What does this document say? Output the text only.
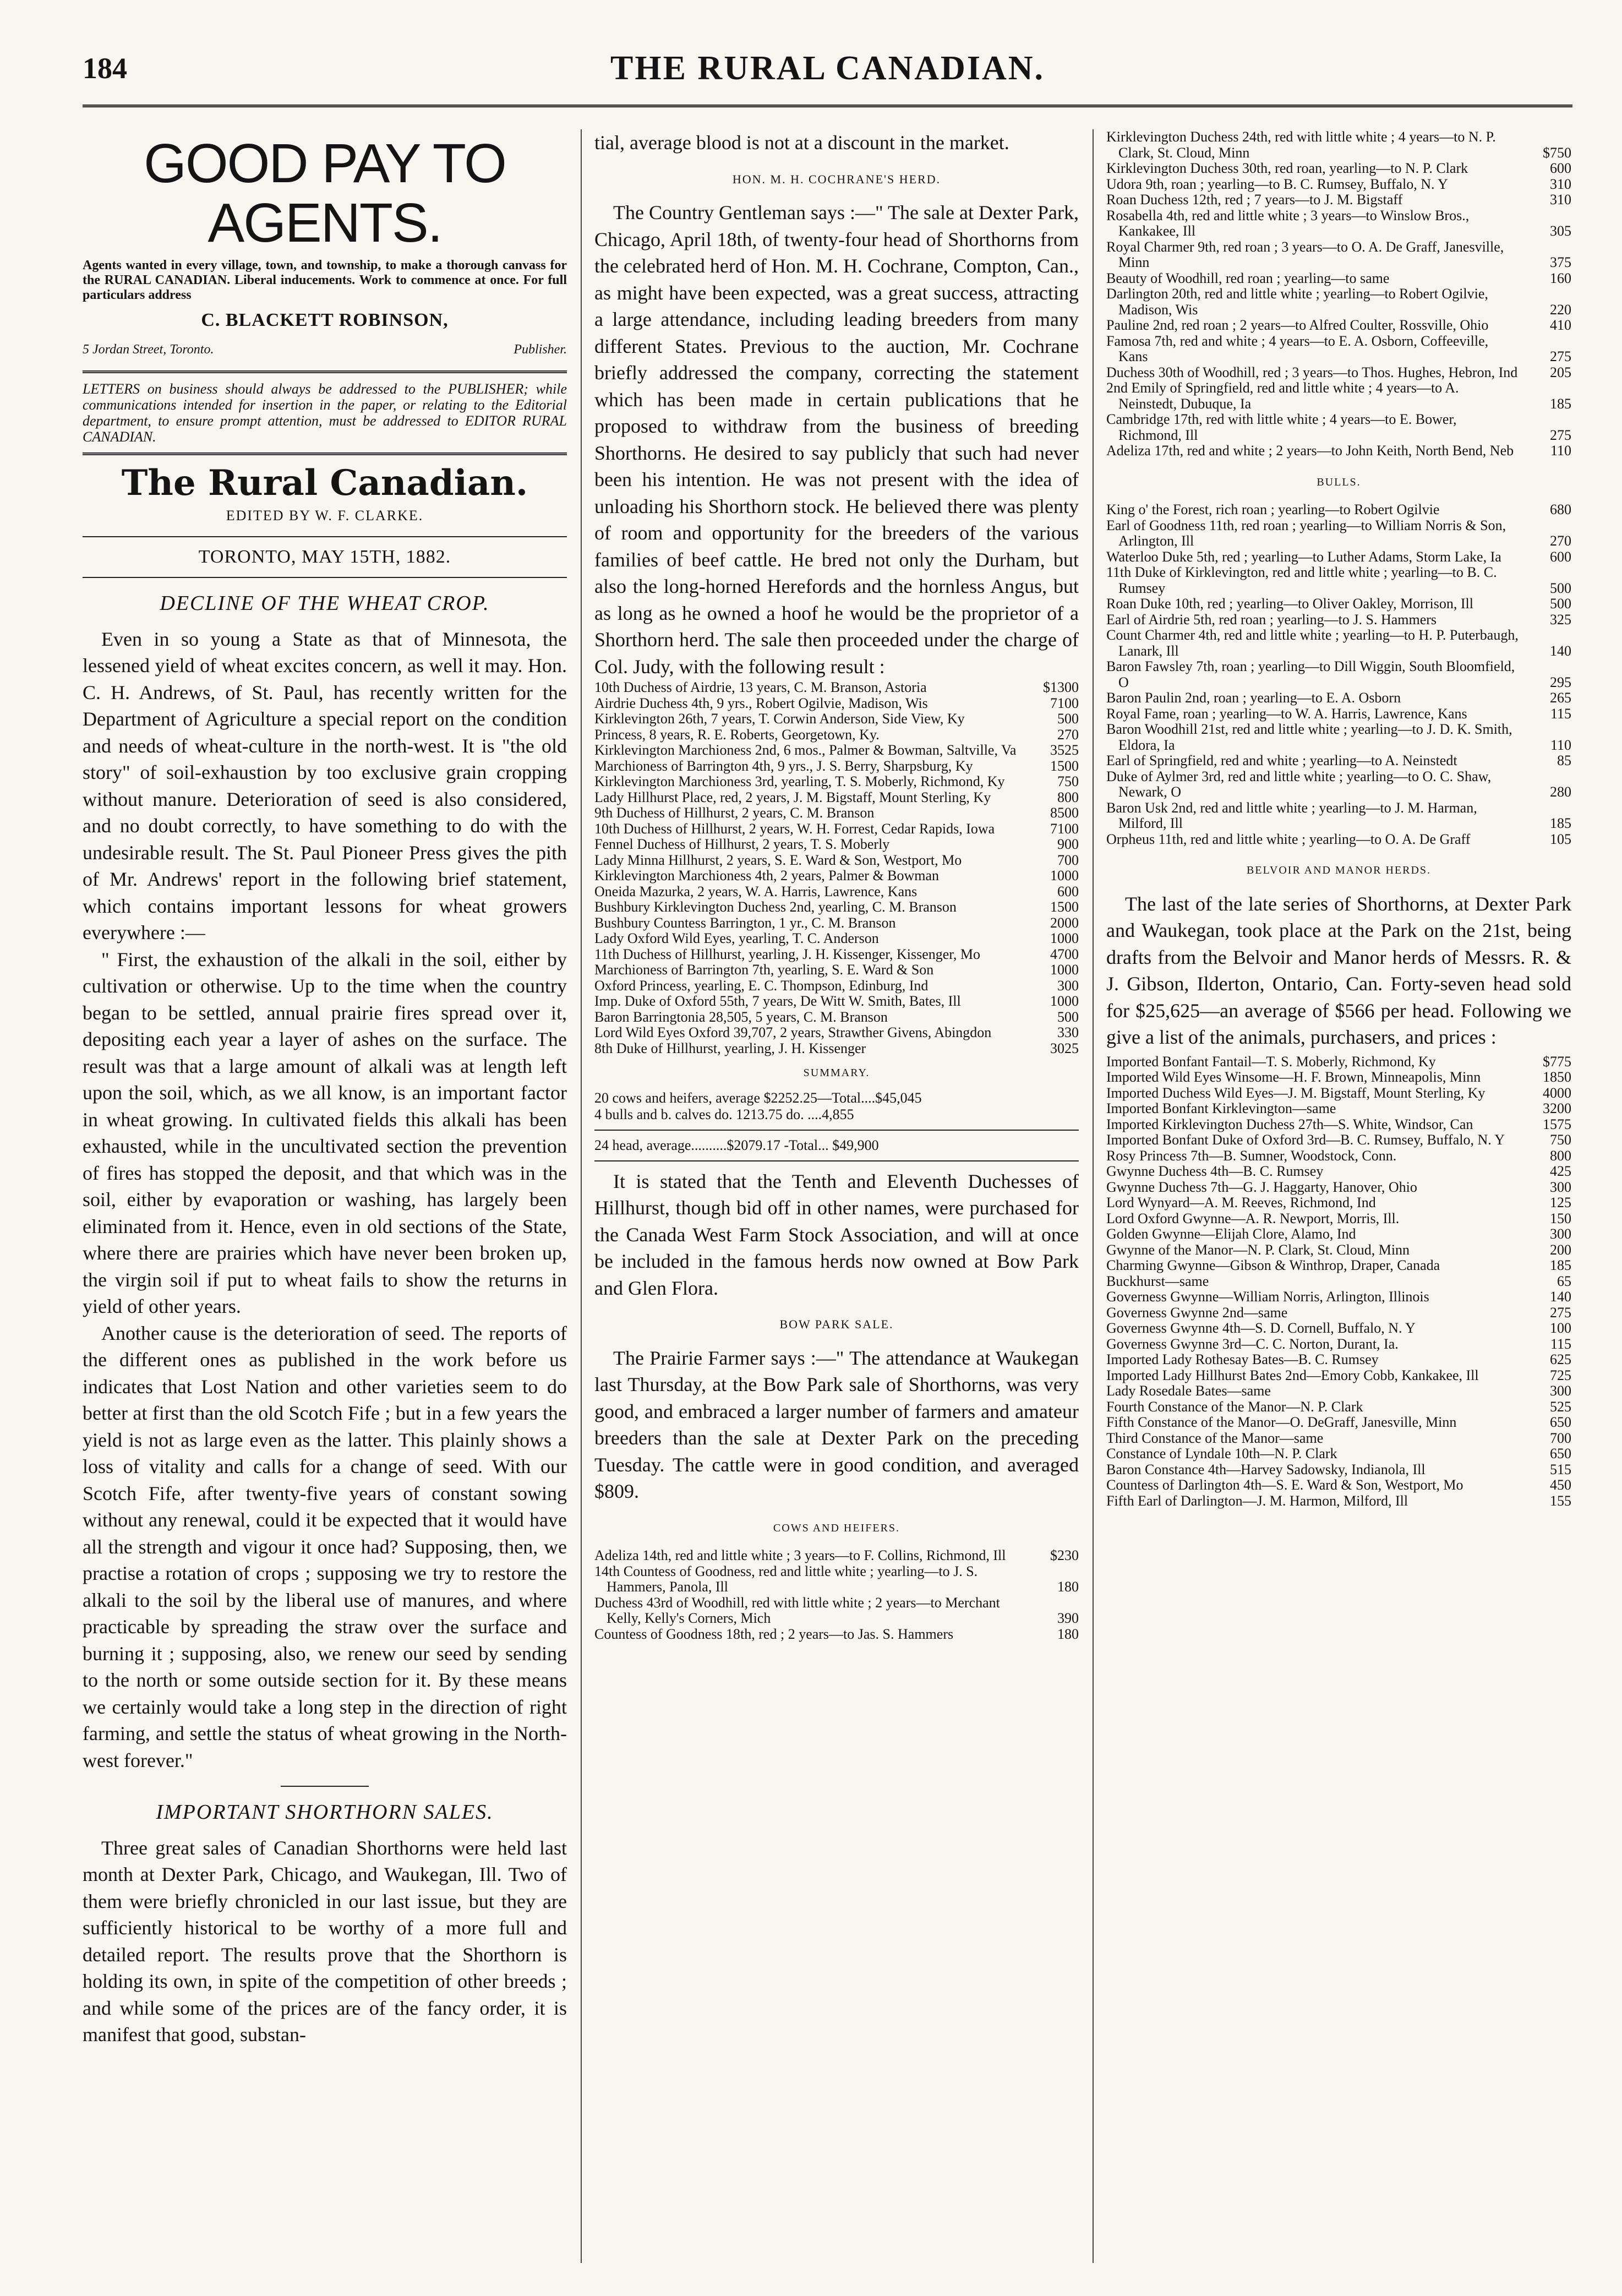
184	THE RURAL CANADIAN.
GOOD PAY TO AGENTS.
Agents wanted in every village, town, and township, to make a thorough canvass for the RURAL CANADIAN. Liberal inducements. Work to commence at once. For full particulars address
C. BLACKETT ROBINSON,
5 Jordan Street, Toronto.	Publisher.
LETTERS on business should always be addressed to the PUBLISHER; while communications intended for insertion in the paper, or relating to the Editorial department, to ensure prompt attention, must be addressed to EDITOR RURAL CANADIAN.
The Rural Canadian.
EDITED BY W. F. CLARKE.
TORONTO, MAY 15TH, 1882.
DECLINE OF THE WHEAT CROP.

Even in so young a State as that of Minnesota, the lessened yield of wheat excites concern, as well it may. Hon. C. H. Andrews, of St. Paul, has recently written for the Department of Agriculture a special report on the condition and needs of wheat-culture in the north-west. It is "the old story" of soil-exhaustion by too exclusive grain cropping without manure. Deterioration of seed is also considered, and no doubt correctly, to have something to do with the undesirable result. The St. Paul Pioneer Press gives the pith of Mr. Andrews' report in the following brief statement, which contains important lessons for wheat growers everywhere :—

" First, the exhaustion of the alkali in the soil, either by cultivation or otherwise. Up to the time when the country began to be settled, annual prairie fires spread over it, depositing each year a layer of ashes on the surface. The result was that a large amount of alkali was at length left upon the soil, which, as we all know, is an important factor in wheat growing. In cultivated fields this alkali has been exhausted, while in the uncultivated section the prevention of fires has stopped the deposit, and that which was in the soil, either by evaporation or washing, has largely been eliminated from it. Hence, even in old sections of the State, where there are prairies which have never been broken up, the virgin soil if put to wheat fails to show the returns in yield of other years.

Another cause is the deterioration of seed. The reports of the different ones as published in the work before us indicates that Lost Nation and other varieties seem to do better at first than the old Scotch Fife ; but in a few years the yield is not as large even as the latter. This plainly shows a loss of vitality and calls for a change of seed. With our Scotch Fife, after twenty-five years of constant sowing without any renewal, could it be expected that it would have all the strength and vigour it once had? Supposing, then, we practise a rotation of crops ; supposing we try to restore the alkali to the soil by the liberal use of manures, and where practicable by spreading the straw over the surface and burning it ; supposing, also, we renew our seed by sending to the north or some outside section for it. By these means we certainly would take a long step in the direction of right farming, and settle the status of wheat growing in the North-west forever."

IMPORTANT SHORTHORN SALES.

Three great sales of Canadian Shorthorns were held last month at Dexter Park, Chicago, and Waukegan, Ill. Two of them were briefly chronicled in our last issue, but they are sufficiently historical to be worthy of a more full and detailed report. The results prove that the Shorthorn is holding its own, in spite of the competition of other breeds ; and while some of the prices are of the fancy order, it is manifest that good, substan-

tial, average blood is not at a discount in the market.

HON. M. H. COCHRANE'S HERD.

The Country Gentleman says :—" The sale at Dexter Park, Chicago, April 18th, of twenty-four head of Shorthorns from the celebrated herd of Hon. M. H. Cochrane, Compton, Can., as might have been expected, was a great success, attracting a large attendance, including leading breeders from many different States. Previous to the auction, Mr. Cochrane briefly addressed the company, correcting the statement which has been made in certain publications that he proposed to withdraw from the business of breeding Shorthorns. He desired to say publicly that such had never been his intention. He was not present with the idea of unloading his Shorthorn stock. He believed there was plenty of room and opportunity for the breeders of the various families of beef cattle. He bred not only the Durham, but also the long-horned Herefords and the hornless Angus, but as long as he owned a hoof he would be the proprietor of a Shorthorn herd. The sale then proceeded under the charge of Col. Judy, with the following result :

10th Duchess of Airdrie, 13 years, C. M. Branson, Astoria	$1300
Airdrie Duchess 4th, 9 yrs., Robert Ogilvie, Madison, Wis	7100
Kirklevington 26th, 7 years, T. Corwin Anderson, Side View, Ky	500
Princess, 8 years, R. E. Roberts, Georgetown, Ky.	270
Kirklevington Marchioness 2nd, 6 mos., Palmer & Bowman, Saltville, Va 3525
Marchioness of Barrington 4th, 9 yrs., J. S. Berry, Sharpsburg, Ky	1500
Kirklevington Marchioness 3rd, yearling, T. S. Moberly, Richmond, Ky	750
Lady Hillhurst Place, red, 2 years, J. M. Bigstaff, Mount Sterling, Ky	800
9th Duchess of Hillhurst, 2 years, C. M. Branson	8500
10th Duchess of Hillhurst, 2 years, W. H. Forrest, Cedar Rapids, Iowa	7100
Fennel Duchess of Hillhurst, 2 years, T. S. Moberly	900
Lady Minna Hillhurst, 2 years, S. E. Ward & Son, Westport, Mo	700
Kirklevington Marchioness 4th, 2 years, Palmer & Bowman	1000
Oneida Mazurka, 2 years, W. A. Harris, Lawrence, Kans	600
Bushbury Kirklevington Duchess 2nd, yearling, C. M. Branson	1500
Bushbury Countess Barrington, 1 yr., C. M. Branson	2000
Lady Oxford Wild Eyes, yearling, T. C. Anderson	1000
11th Duchess of Hillhurst, yearling, J. H. Kissenger, Kissenger, Mo	4700
Marchioness of Barrington 7th, yearling, S. E. Ward & Son	1000
Oxford Princess, yearling, E. C. Thompson, Edinburg, Ind	300
Imp. Duke of Oxford 55th, 7 years, De Witt W. Smith, Bates, Ill	1000
Baron Barringtonia 28,505, 5 years, C. M. Branson	500
Lord Wild Eyes Oxford 39,707, 2 years, Strawther Givens, Abingdon	330
8th Duke of Hillhurst, yearling, J. H. Kissenger	3025
SUMMARY.
20 cows and heifers, average $2252.25—Total....$45,045
4 bulls and b. calves do. 1213.75 do. ....4,855
24 head, average..........$2079.17 -Total... $49,900

It is stated that the Tenth and Eleventh Duchesses of Hillhurst, though bid off in other names, were purchased for the Canada West Farm Stock Association, and will at once be included in the famous herds now owned at Bow Park and Glen Flora.

BOW PARK SALE.

The Prairie Farmer says :—" The attendance at Waukegan last Thursday, at the Bow Park sale of Shorthorns, was very good, and embraced a larger number of farmers and amateur breeders than the sale at Dexter Park on the preceding Tuesday. The cattle were in good condition, and averaged $809.

COWS AND HEIFERS.
Adeliza 14th, red and little white ; 3 years—to F. Collins, Richmond, Ill	$230
14th Countess of Goodness, red and little white ; yearling—to J. S. Hammers, Panola, Ill	180
Duchess 43rd of Woodhill, red with little white ; 2 years—to Merchant Kelly, Kelly's Corners, Mich	390
Countess of Goodness 18th, red ; 2 years—to Jas. S. Hammers	180
Kirklevington Duchess 24th, red with little white ; 4 years—to N. P. Clark, St. Cloud, Minn	$750
Kirklevington Duchess 30th, red roan, yearling—to N. P. Clark	600
Udora 9th, roan ; yearling—to B. C. Rumsey, Buffalo, N. Y	310
Roan Duchess 12th, red ; 7 years—to J. M. Bigstaff	310
Rosabella 4th, red and little white ; 3 years—to Winslow Bros., Kankakee, Ill	305
Royal Charmer 9th, red roan ; 3 years—to O. A. De Graff, Janesville, Minn	375
Beauty of Woodhill, red roan ; yearling—to same	160
Darlington 20th, red and little white ; yearling—to Robert Ogilvie, Madison, Wis	220
Pauline 2nd, red roan ; 2 years—to Alfred Coulter, Rossville, Ohio	410
Famosa 7th, red and white ; 4 years—to E. A. Osborn, Coffeeville, Kans	275
Duchess 30th of Woodhill, red ; 3 years—to Thos. Hughes, Hebron, Ind 205
2nd Emily of Springfield, red and little white ; 4 years—to A. Neinstedt, Dubuque, Ia	185
Cambridge 17th, red with little white ; 4 years—to E. Bower, Richmond, Ill	275
Adeliza 17th, red and white ; 2 years—to John Keith, North Bend, Neb	110
BULLS.
King o' the Forest, rich roan ; yearling—to Robert Ogilvie	680
Earl of Goodness 11th, red roan ; yearling—to William Norris & Son, Arlington, Ill	270
Waterloo Duke 5th, red ; yearling—to Luther Adams, Storm Lake, Ia	600
11th Duke of Kirklevington, red and little white ; yearling—to B. C. Rumsey	500
Roan Duke 10th, red ; yearling—to Oliver Oakley, Morrison, Ill	500
Earl of Airdrie 5th, red roan ; yearling—to J. S. Hammers	325
Count Charmer 4th, red and little white ; yearling—to H. P. Puterbaugh, Lanark, Ill	140
Baron Fawsley 7th, roan ; yearling—to Dill Wiggin, South Bloomfield, O	295
Baron Paulin 2nd, roan ; yearling—to E. A. Osborn	265
Royal Fame, roan ; yearling—to W. A. Harris, Lawrence, Kans	115
Baron Woodhill 21st, red and little white ; yearling—to J. D. K. Smith, Eldora, Ia	110
Earl of Springfield, red and white ; yearling—to A. Neinstedt	85
Duke of Aylmer 3rd, red and little white ; yearling—to O. C. Shaw, Newark, O	280
Baron Usk 2nd, red and little white ; yearling—to J. M. Harman, Milford, Ill	185
Orpheus 11th, red and little white ; yearling—to O. A. De Graff	105
BELVOIR AND MANOR HERDS.

The last of the late series of Shorthorns, at Dexter Park and Waukegan, took place at the Park on the 21st, being drafts from the Belvoir and Manor herds of Messrs. R. & J. Gibson, Ilderton, Ontario, Can. Forty-seven head sold for $25,625—an average of $566 per head. Following we give a list of the animals, purchasers, and prices :

Imported Bonfant Fantail—T. S. Moberly, Richmond, Ky	$775
Imported Wild Eyes Winsome—H. F. Brown, Minneapolis, Minn	1850
Imported Duchess Wild Eyes—J. M. Bigstaff, Mount Sterling, Ky	4000
Imported Bonfant Kirklevington—same	3200
Imported Kirklevington Duchess 27th—S. White, Windsor, Can	1575
Imported Bonfant Duke of Oxford 3rd—B. C. Rumsey, Buffalo, N. Y	750
Rosy Princess 7th—B. Sumner, Woodstock, Conn.	800
Gwynne Duchess 4th—B. C. Rumsey	425
Gwynne Duchess 7th—G. J. Haggarty, Hanover, Ohio	300
Lord Wynyard—A. M. Reeves, Richmond, Ind	125
Lord Oxford Gwynne—A. R. Newport, Morris, Ill.	150
Golden Gwynne—Elijah Clore, Alamo, Ind	300
Gwynne of the Manor—N. P. Clark, St. Cloud, Minn	200
Charming Gwynne—Gibson & Winthrop, Draper, Canada	185
Buckhurst—same	65
Governess Gwynne—William Norris, Arlington, Illinois	140
Governess Gwynne 2nd—same	275
Governess Gwynne 4th—S. D. Cornell, Buffalo, N. Y	100
Governess Gwynne 3rd—C. C. Norton, Durant, Ia.	115
Imported Lady Rothesay Bates—B. C. Rumsey	625
Imported Lady Hillhurst Bates 2nd—Emory Cobb, Kankakee, Ill	725
Lady Rosedale Bates—same	300
Fourth Constance of the Manor—N. P. Clark	525
Fifth Constance of the Manor—O. DeGraff, Janesville, Minn	650
Third Constance of the Manor—same	700
Constance of Lyndale 10th—N. P. Clark	650
Baron Constance 4th—Harvey Sadowsky, Indianola, Ill	515
Countess of Darlington 4th—S. E. Ward & Son, Westport, Mo	450
Fifth Earl of Darlington—J. M. Harmon, Milford, Ill	155
